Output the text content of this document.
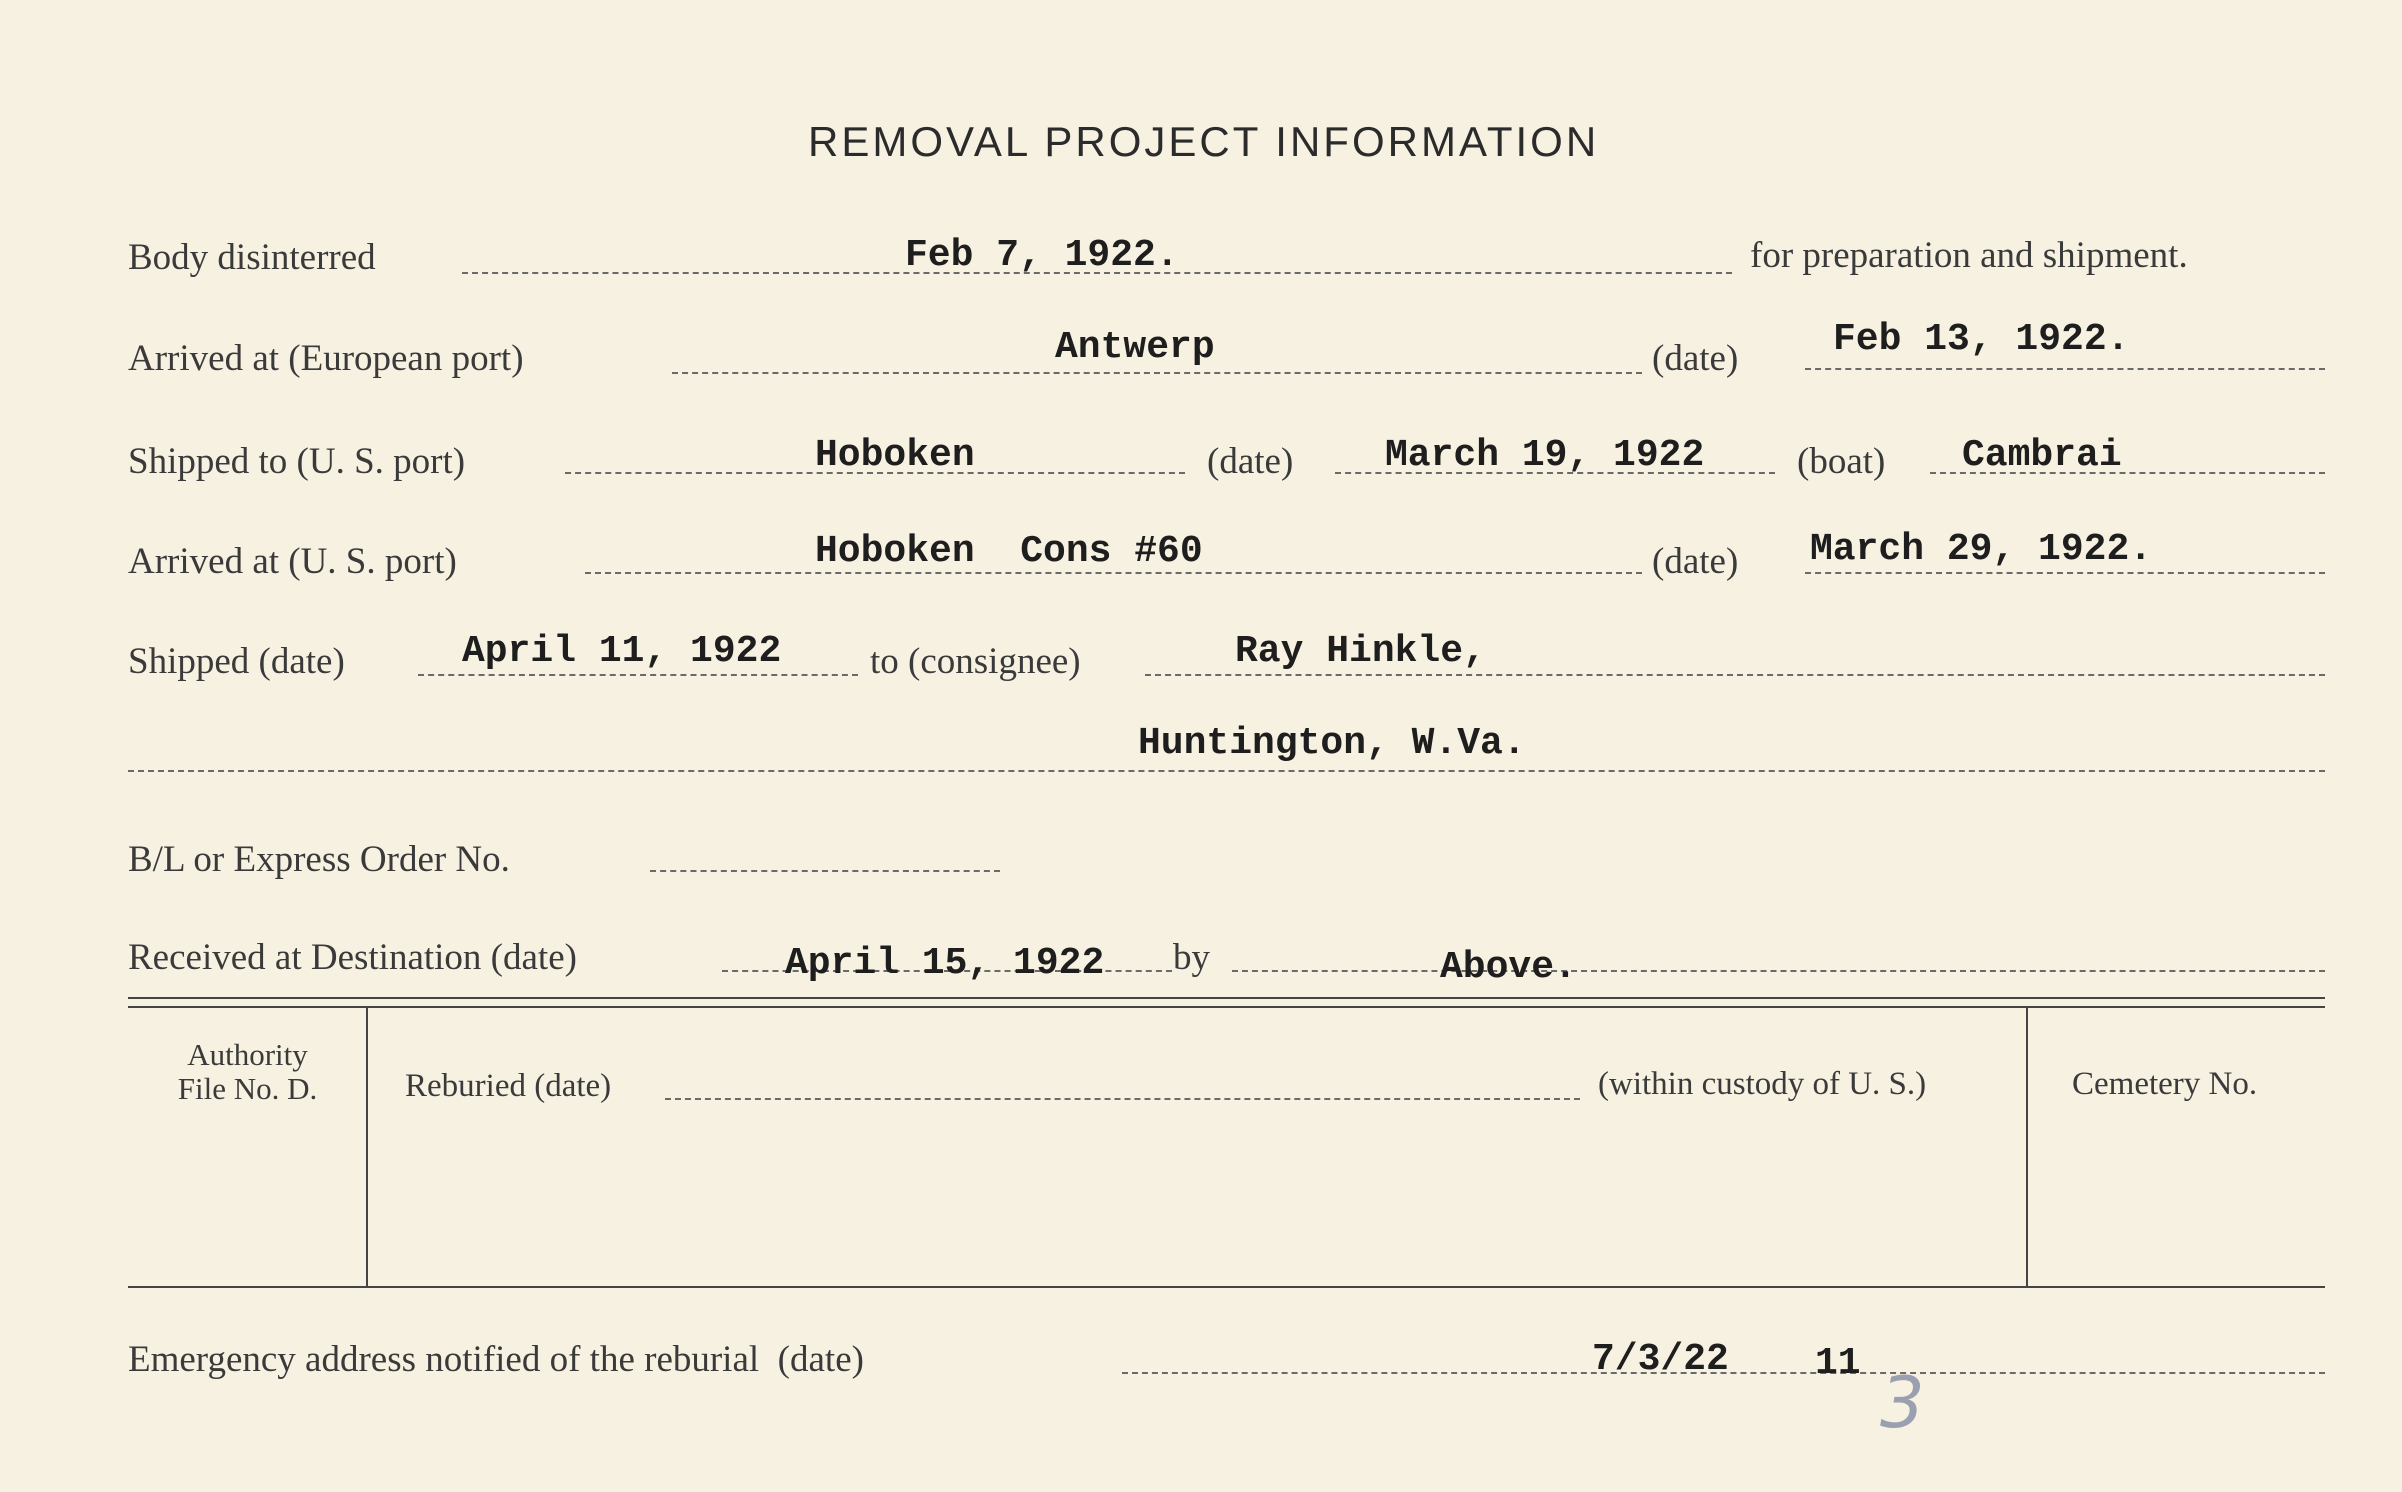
REMOVAL PROJECT INFORMATION
Body disinterred	Feb 7, 1922.	for preparation and shipment.
Arrived at (European port)	Antwerp	(date) Feb 13, 1922.
Shipped to (U. S. port)	Hoboken	(date) March 19, 1922	(boat) Cambrai
Arrived at (U. S. port)	Hoboken  Cons #60	(date) March 29, 1922.
Shipped (date)	April 11, 1922 to (consignee)	Ray Hinkle,
Huntington, W.Va.
B/L or Express Order No.
Received at Destination (date)	April 15, 1922 by	Above.
Authority
File No. D.	Reburied (date)	(within custody of U. S.)	Cemetery No.
Emergency address notified of the reburial  (date)	7/3/22 11 3
